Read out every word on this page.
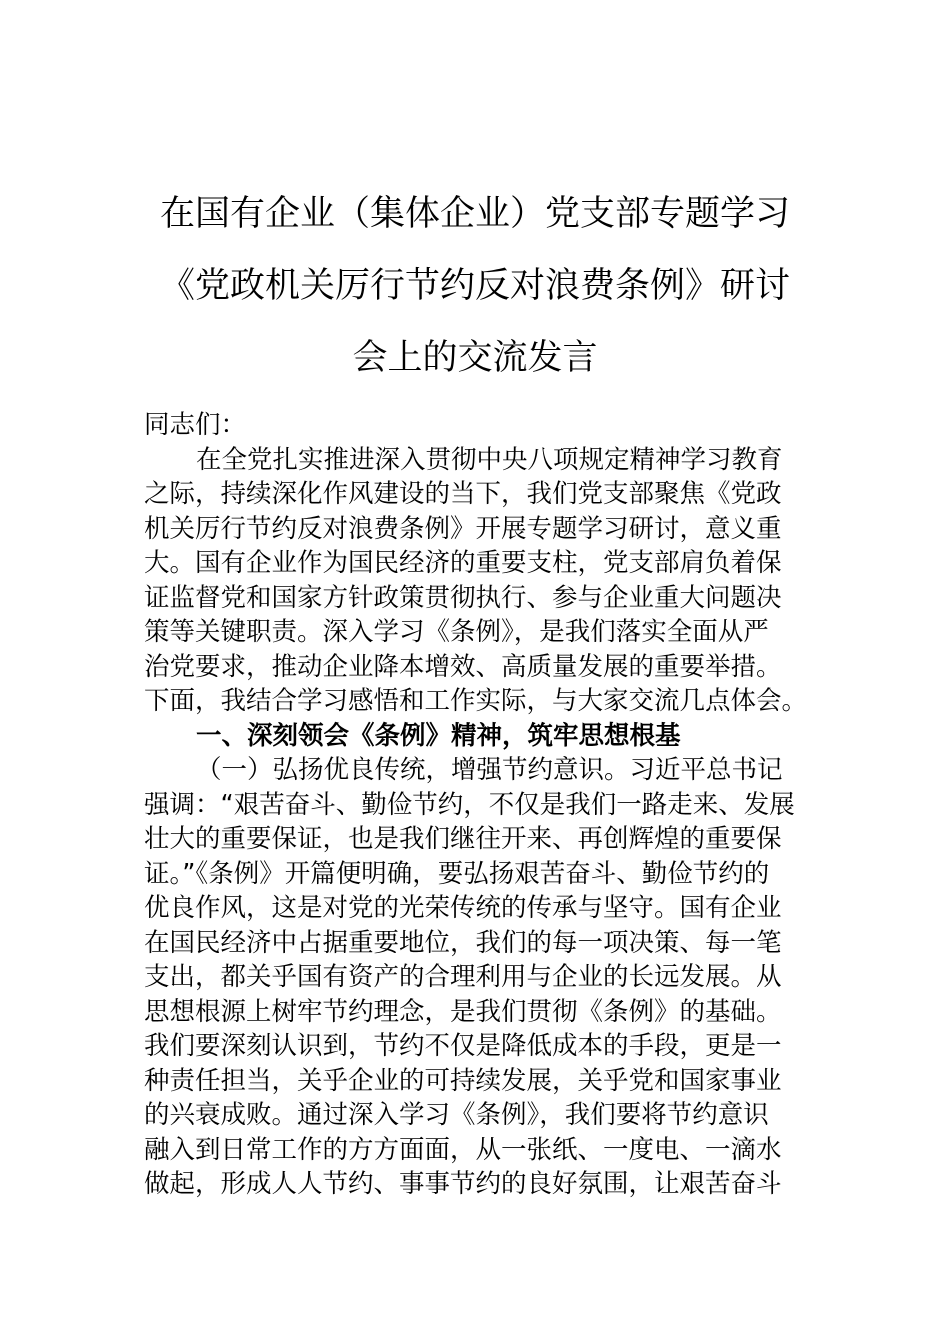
在国有企业（集体企业）党支部专题学习
《党政机关厉行节约反对浪费条例》研讨
会上的交流发言
同志们：
在全党扎实推进深入贯彻中央八项规定精神学习教育
之际，持续深化作风建设的当下，我们党支部聚焦《党政
机关厉行节约反对浪费条例》开展专题学习研讨，意义重
大。国有企业作为国民经济的重要支柱，党支部肩负着保
证监督党和国家方针政策贯彻执行、参与企业重大问题决
策等关键职责。深入学习《条例》，是我们落实全面从严
治党要求，推动企业降本增效、高质量发展的重要举措。
下面，我结合学习感悟和工作实际，与大家交流几点体会。
一、深刻领会《条例》精神，筑牢思想根基
（一）弘扬优良传统，增强节约意识。习近平总书记
强调：“艰苦奋斗、勤俭节约，不仅是我们一路走来、发展
壮大的重要保证，也是我们继往开来、再创辉煌的重要保
证。”《条例》开篇便明确，要弘扬艰苦奋斗、勤俭节约的
优良作风，这是对党的光荣传统的传承与坚守。国有企业
在国民经济中占据重要地位，我们的每一项决策、每一笔
支出，都关乎国有资产的合理利用与企业的长远发展。从
思想根源上树牢节约理念，是我们贯彻《条例》的基础。
我们要深刻认识到，节约不仅是降低成本的手段，更是一
种责任担当，关乎企业的可持续发展，关乎党和国家事业
的兴衰成败。通过深入学习《条例》，我们要将节约意识
融入到日常工作的方方面面，从一张纸、一度电、一滴水
做起，形成人人节约、事事节约的良好氛围，让艰苦奋斗
